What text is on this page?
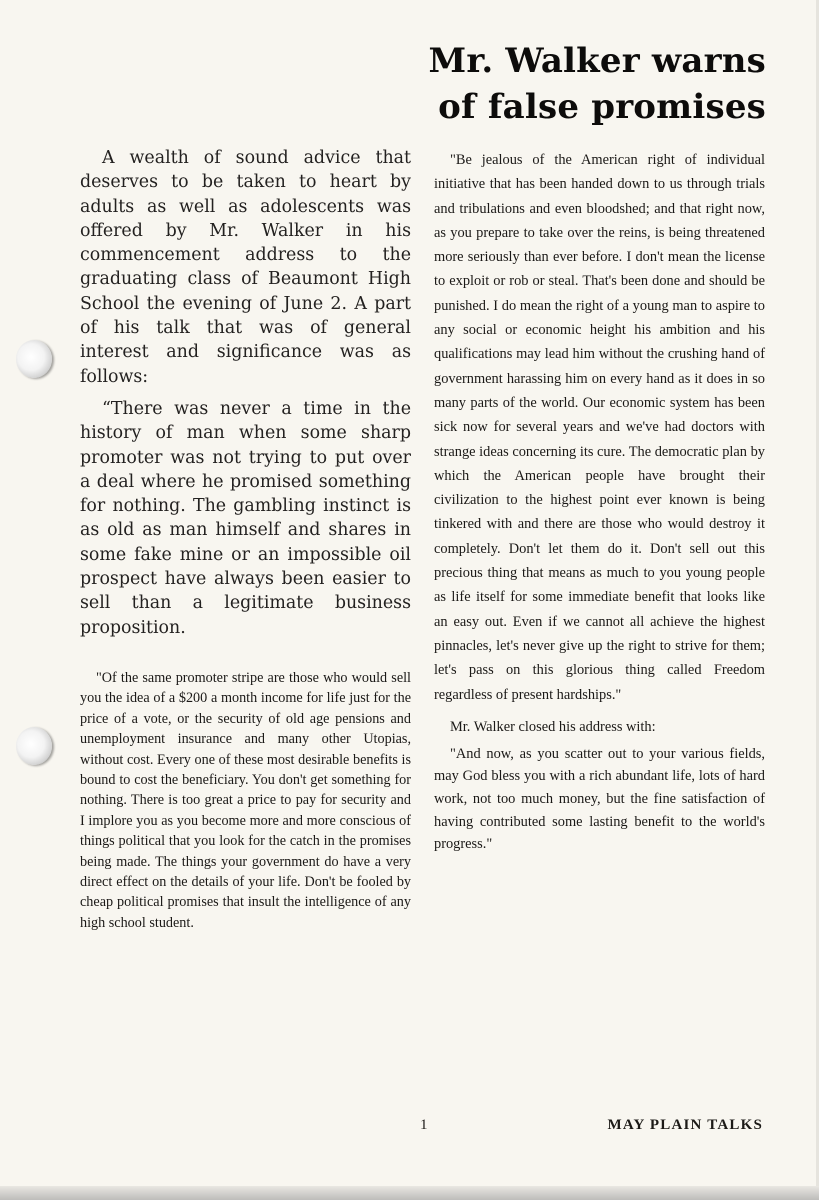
Mr. Walker warns
of false promises

A wealth of sound advice that deserves to be taken to heart by adults as well as adolescents was offered by Mr. Walker in his commencement address to the graduating class of Beaumont High School the evening of June 2. A part of his talk that was of general interest and significance was as follows:

“There was never a time in the history of man when some sharp promoter was not trying to put over a deal where he promised something for nothing. The gambling instinct is as old as man himself and shares in some fake mine or an impossible oil prospect have always been easier to sell than a legitimate business proposition.

"Of the same promoter stripe are those who would sell you the idea of a $200 a month income for life just for the price of a vote, or the security of old age pensions and unemployment insurance and many other Utopias, without cost. Every one of these most desirable benefits is bound to cost the beneficiary. You don't get something for nothing. There is too great a price to pay for security and I implore you as you become more and more conscious of things political that you look for the catch in the promises being made. The things your government do have a very direct effect on the details of your life. Don't be fooled by cheap political promises that insult the intelligence of any high school student.

"Be jealous of the American right of individual initiative that has been handed down to us through trials and tribulations and even bloodshed; and that right now, as you prepare to take over the reins, is being threatened more seriously than ever before. I don't mean the license to exploit or rob or steal. That's been done and should be punished. I do mean the right of a young man to aspire to any social or economic height his ambition and his qualifications may lead him without the crushing hand of government harassing him on every hand as it does in so many parts of the world. Our economic system has been sick now for several years and we've had doctors with strange ideas concerning its cure. The democratic plan by which the American people have brought their civilization to the highest point ever known is being tinkered with and there are those who would destroy it completely. Don't let them do it. Don't sell out this precious thing that means as much to you young people as life itself for some immediate benefit that looks like an easy out. Even if we cannot all achieve the highest pinnacles, let's never give up the right to strive for them; let's pass on this glorious thing called Freedom regardless of present hardships."

Mr. Walker closed his address with:

"And now, as you scatter out to your various fields, may God bless you with a rich abundant life, lots of hard work, not too much money, but the fine satisfaction of having contributed some lasting benefit to the world's progress."

1	MAY PLAIN TALKS
